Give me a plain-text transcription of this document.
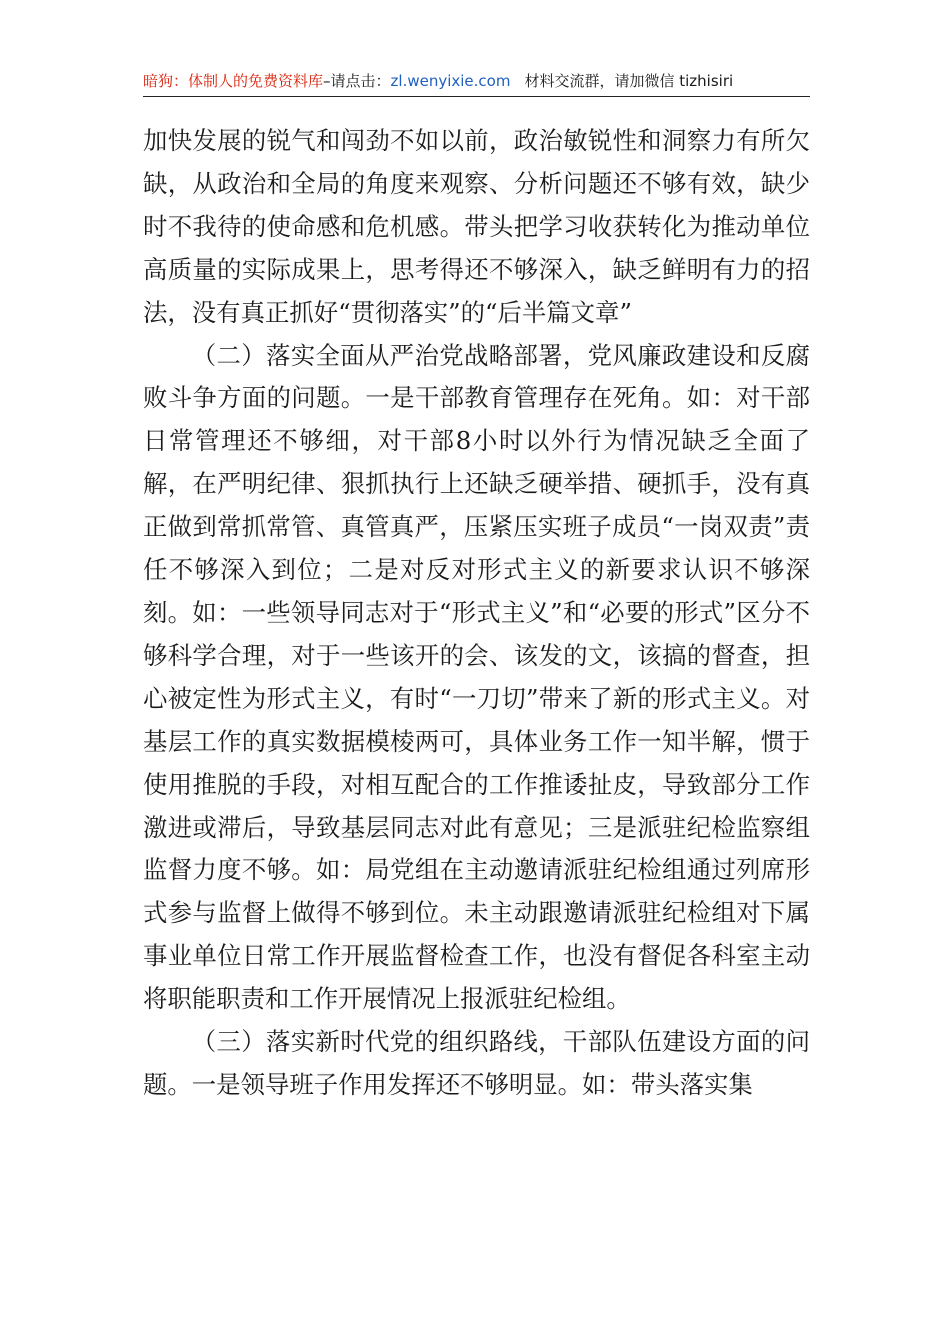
暗狗：体制人的免费资料库–请点击：zl.wenyixie.com 材料交流群，请加微信 tizhisiri

加快发展的锐气和闯劲不如以前，政治敏锐性和洞察力有所欠缺，从政治和全局的角度来观察、分析问题还不够有效，缺少时不我待的使命感和危机感。带头把学习收获转化为推动单位高质量的实际成果上，思考得还不够深入，缺乏鲜明有力的招法，没有真正抓好“贯彻落实”的“后半篇文章”

（二）落实全面从严治党战略部署，党风廉政建设和反腐败斗争方面的问题。一是干部教育管理存在死角。如：对干部日常管理还不够细，对干部8小时以外行为情况缺乏全面了解，在严明纪律、狠抓执行上还缺乏硬举措、硬抓手，没有真正做到常抓常管、真管真严，压紧压实班子成员“一岗双责”责任不够深入到位；二是对反对形式主义的新要求认识不够深刻。如：一些领导同志对于“形式主义”和“必要的形式”区分不够科学合理，对于一些该开的会、该发的文，该搞的督查，担心被定性为形式主义，有时“一刀切”带来了新的形式主义。对基层工作的真实数据模棱两可，具体业务工作一知半解，惯于使用推脱的手段，对相互配合的工作推诿扯皮，导致部分工作激进或滞后，导致基层同志对此有意见；三是派驻纪检监察组监督力度不够。如：局党组在主动邀请派驻纪检组通过列席形式参与监督上做得不够到位。未主动跟邀请派驻纪检组对下属事业单位日常工作开展监督检查工作，也没有督促各科室主动将职能职责和工作开展情况上报派驻纪检组。

（三）落实新时代党的组织路线，干部队伍建设方面的问题。一是领导班子作用发挥还不够明显。如：带头落实集
